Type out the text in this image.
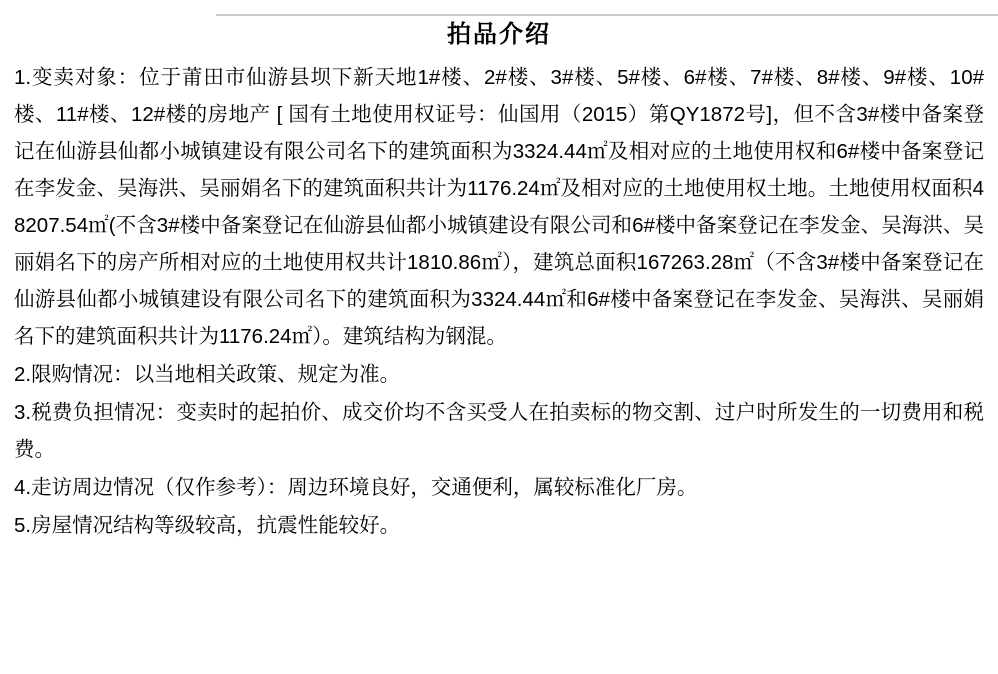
拍品介绍

1.变卖对象：位于莆田市仙游县坝下新天地1#楼、2#楼、3#楼、5#楼、6#楼、7#楼、8#楼、9#楼、10#楼、11#楼、12#楼的房地产 [ 国有土地使用权证号：仙国用（2015）第QY1872号]，但不含3#楼中备案登记在仙游县仙都小城镇建设有限公司名下的建筑面积为3324.44㎡及相对应的土地使用权和6#楼中备案登记在李发金、吴海洪、吴丽娟名下的建筑面积共计为1176.24㎡及相对应的土地使用权土地。土地使用权面积48207.54㎡(不含3#楼中备案登记在仙游县仙都小城镇建设有限公司和6#楼中备案登记在李发金、吴海洪、吴丽娟名下的房产所相对应的土地使用权共计1810.86㎡），建筑总面积167263.28㎡（不含3#楼中备案登记在仙游县仙都小城镇建设有限公司名下的建筑面积为3324.44㎡和6#楼中备案登记在李发金、吴海洪、吴丽娟名下的建筑面积共计为1176.24㎡）。建筑结构为钢混。

2.限购情况：以当地相关政策、规定为准。

3.税费负担情况：变卖时的起拍价、成交价均不含买受人在拍卖标的物交割、过户时所发生的一切费用和税费。

4.走访周边情况（仅作参考）：周边环境良好，交通便利，属较标准化厂房。

5.房屋情况结构等级较高，抗震性能较好。
